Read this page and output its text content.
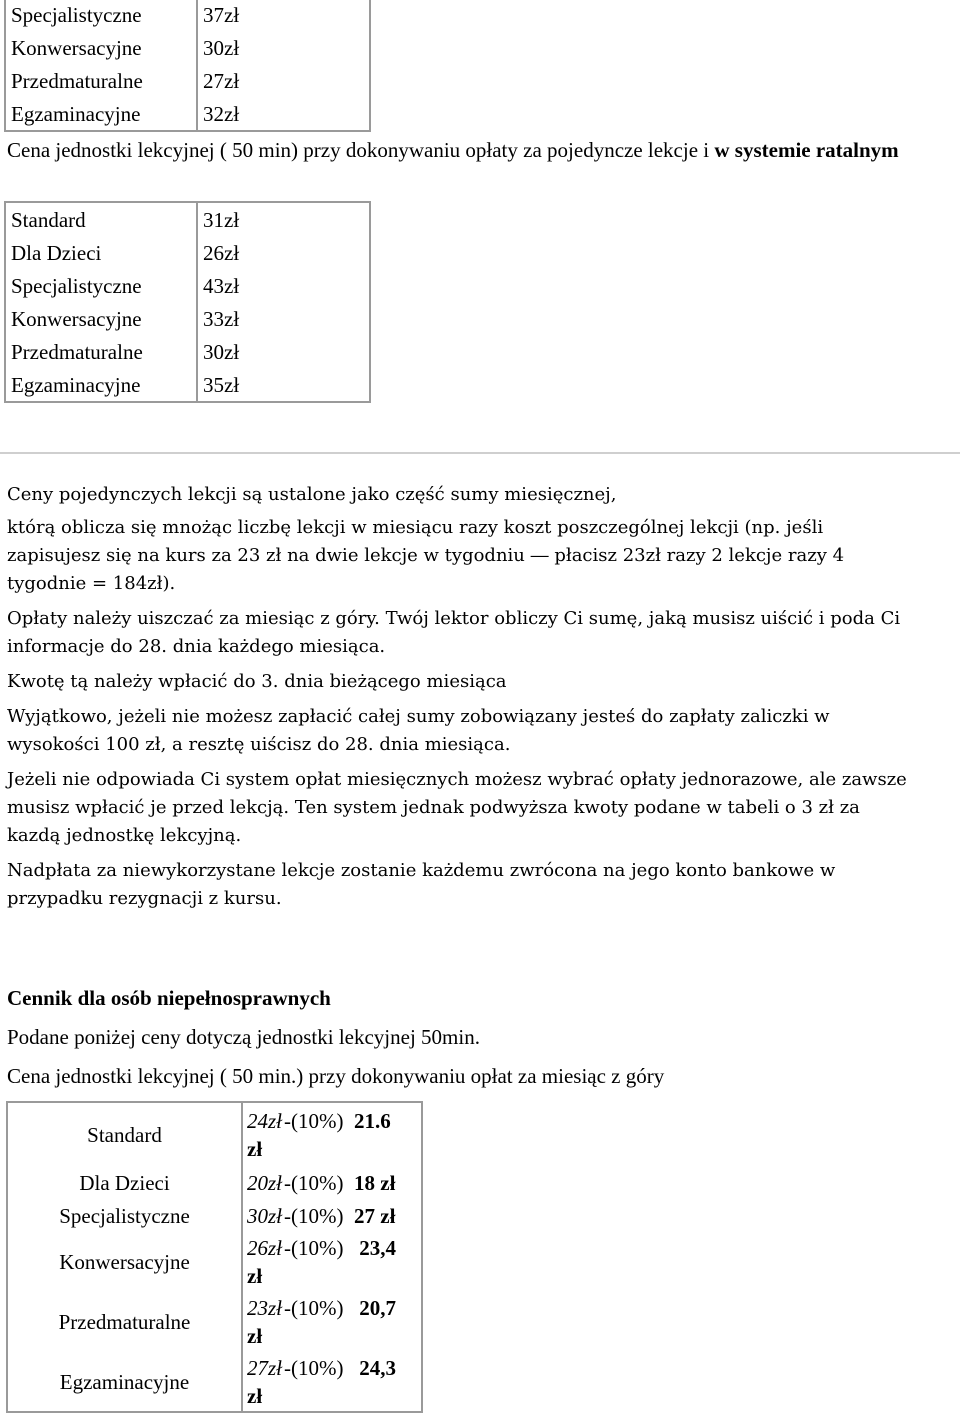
Specjalistyczne	37zł
Konwersacyjne	30zł
Przedmaturalne	27zł
Egzaminacyjne	32zł
Cena jednostki lekcyjnej ( 50 min) przy dokonywaniu opłaty za pojedyncze lekcje i w systemie ratalnym
Standard	31zł
Dla Dzieci	26zł
Specjalistyczne	43zł
Konwersacyjne	33zł
Przedmaturalne	30zł
Egzaminacyjne	35zł
Ceny pojedynczych lekcji są ustalone jako część sumy miesięcznej,
którą oblicza się mnożąc liczbę lekcji w miesiącu razy koszt poszczególnej lekcji (np. jeśli
zapisujesz się na kurs za 23 zł na dwie lekcje w tygodniu ― płacisz 23zł razy 2 lekcje razy 4
tygodnie = 184zł).
Opłaty należy uiszczać za miesiąc z góry. Twój lektor obliczy Ci sumę, jaką musisz uiścić i poda Ci
informacje do 28. dnia każdego miesiąca.
Kwotę tą należy wpłacić do 3. dnia bieżącego miesiąca
Wyjątkowo, jeżeli nie możesz zapłacić całej sumy zobowiązany jesteś do zapłaty zaliczki w
wysokości 100 zł, a resztę uiścisz do 28. dnia miesiąca.
Jeżeli nie odpowiada Ci system opłat miesięcznych możesz wybrać opłaty jednorazowe, ale zawsze
musisz wpłacić je przed lekcją. Ten system jednak podwyższa kwoty podane w tabeli o 3 zł za
kazdą jednostkę lekcyjną.
Nadpłata za niewykorzystane lekcje zostanie każdemu zwrócona na jego konto bankowe w
przypadku rezygnacji z kursu.
Cennik dla osób niepełnosprawnych
Podane poniżej ceny dotyczą jednostki lekcyjnej 50min.
Cena jednostki lekcyjnej ( 50 min.) przy dokonywaniu opłat za miesiąc z góry
Standard	24zł-(10%) 21.6
zł
Dla Dzieci	20zł-(10%) 18 zł
Specjalistyczne	30zł-(10%) 27 zł
Konwersacyjne	26zł-(10%) 23,4
zł
Przedmaturalne	23zł-(10%) 20,7
zł
Egzaminacyjne	27zł-(10%) 24,3
zł
